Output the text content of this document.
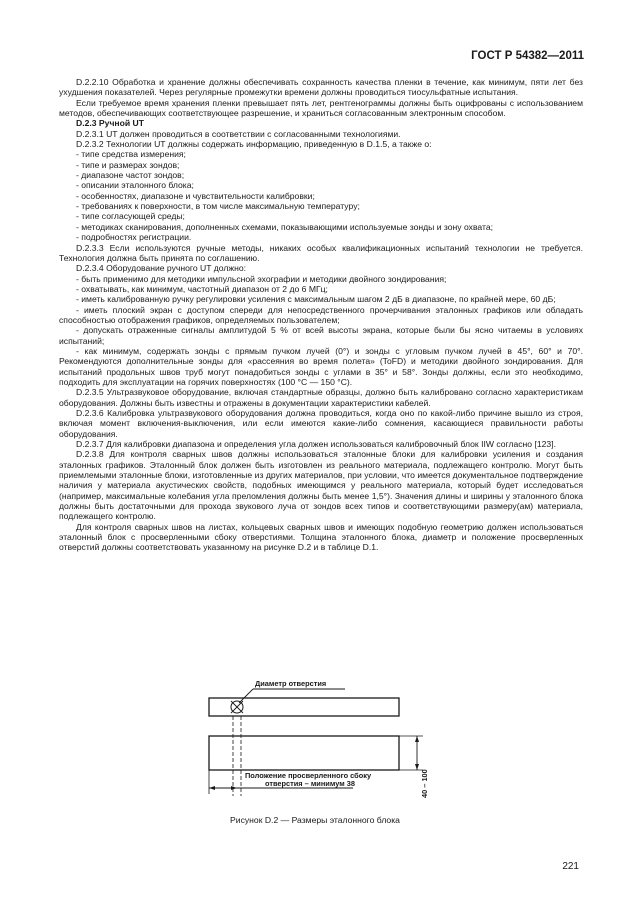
ГОСТ Р 54382—2011

D.2.2.10 Обработка и хранение должны обеспечивать сохранность качества пленки в течение, как минимум, пяти лет без ухудшения показателей. Через регулярные промежутки времени должны проводиться тиосульфатные испытания.

Если требуемое время хранения пленки превышает пять лет, рентгенограммы должны быть оцифрованы с использованием методов, обеспечивающих соответствующее разрешение, и храниться согласованным электронным способом.

D.2.3 Ручной UT

D.2.3.1 UT должен проводиться в соответствии с согласованными технологиями.

D.2.3.2 Технологии UT должны содержать информацию, приведенную в D.1.5, а также о:

- типе средства измерения;

- типе и размерах зондов;

- диапазоне частот зондов;

- описании эталонного блока;

- особенностях, диапазоне и чувствительности калибровки;

- требованиях к поверхности, в том числе максимальную температуру;

- типе согласующей среды;

- методиках сканирования, дополненных схемами, показывающими используемые зонды и зону охвата;

- подробностях регистрации.

D.2.3.3 Если используются ручные методы, никаких особых квалификационных испытаний технологии не требуется. Технология должна быть принята по соглашению.

D.2.3.4 Оборудование ручного UT должно:

- быть применимо для методики импульсной эхографии и методики двойного зондирования;

- охватывать, как минимум, частотный диапазон от 2 до 6 МГц;

- иметь калиброванную ручку регулировки усиления с максимальным шагом 2 дБ в диапазоне, по крайней мере, 60 дБ;

- иметь плоский экран с доступом спереди для непосредственного прочерчивания эталонных графиков или обладать способностью отображения графиков, определяемых пользователем;

- допускать отраженные сигналы амплитудой 5 % от всей высоты экрана, которые были бы ясно читаемы в условиях испытаний;

- как минимум, содержать зонды с прямым пучком лучей (0°) и зонды с угловым пучком лучей в 45°, 60° и 70°. Рекомендуются дополнительные зонды для «рассеяния во время полета» (ToFD) и методики двойного зондирования. Для испытаний продольных швов труб могут понадобиться зонды с углами в 35° и 58°. Зонды должны, если это необходимо, подходить для эксплуатации на горячих поверхностях (100 °С — 150 °С).

D.2.3.5 Ультразвуковое оборудование, включая стандартные образцы, должно быть калибровано согласно характеристикам оборудования. Должны быть известны и отражены в документации характеристики кабелей.

D.2.3.6 Калибровка ультразвукового оборудования должна проводиться, когда оно по какой-либо причине вышло из строя, включая момент включения-выключения, или если имеются какие-либо сомнения, касающиеся правильности работы оборудования.

D.2.3.7 Для калибровки диапазона и определения угла должен использоваться калибровочный блок IIW согласно [123].

D.2.3.8 Для контроля сварных швов должны использоваться эталонные блоки для калибровки усиления и создания эталонных графиков. Эталонный блок должен быть изготовлен из реального материала, подлежащего контролю. Могут быть приемлемыми эталонные блоки, изготовленные из других материалов, при условии, что имеется документальное подтверждение наличия у материала акустических свойств, подобных имеющимся у реального материала, который будет исследоваться (например, максимальные колебания угла преломления должны быть менее 1,5°). Значения длины и ширины у эталонного блока должны быть достаточными для прохода звукового луча от зондов всех типов и соответствующими размеру(ам) материала, подлежащего контролю.

Для контроля сварных швов на листах, кольцевых сварных швов и имеющих подобную геометрию должен использоваться эталонный блок с просверленными сбоку отверстиями. Толщина эталонного блока, диаметр и положение просверленных отверстий должны соответствовать указанному на рисунке D.2 и в таблице D.1.

Диаметр отверстия
Положение просверленного сбоку
отверстия – минимум 38	40 – 100
Рисунок D.2 — Размеры эталонного блока
221
